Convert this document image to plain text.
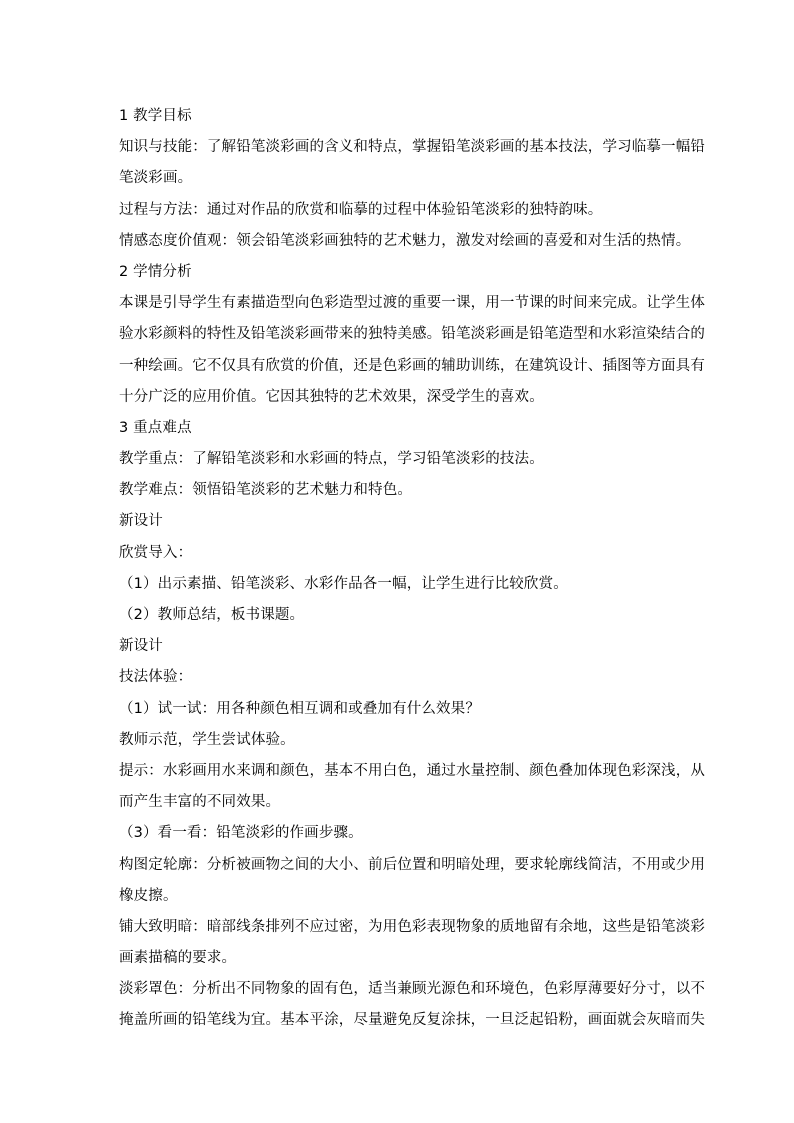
1 教学目标
知识与技能：了解铅笔淡彩画的含义和特点，掌握铅笔淡彩画的基本技法，学习临摹一幅铅
笔淡彩画。
过程与方法：通过对作品的欣赏和临摹的过程中体验铅笔淡彩的独特韵味。
情感态度价值观：领会铅笔淡彩画独特的艺术魅力，激发对绘画的喜爱和对生活的热情。
2 学情分析
本课是引导学生有素描造型向色彩造型过渡的重要一课，用一节课的时间来完成。让学生体
验水彩颜料的特性及铅笔淡彩画带来的独特美感。铅笔淡彩画是铅笔造型和水彩渲染结合的
一种绘画。它不仅具有欣赏的价值，还是色彩画的辅助训练，在建筑设计、插图等方面具有
十分广泛的应用价值。它因其独特的艺术效果，深受学生的喜欢。
3 重点难点
教学重点：了解铅笔淡彩和水彩画的特点，学习铅笔淡彩的技法。
教学难点：领悟铅笔淡彩的艺术魅力和特色。
新设计
欣赏导入：
（1）出示素描、铅笔淡彩、水彩作品各一幅，让学生进行比较欣赏。
（2）教师总结，板书课题。
新设计
技法体验：
（1）试一试：用各种颜色相互调和或叠加有什么效果？
教师示范，学生尝试体验。
提示：水彩画用水来调和颜色，基本不用白色，通过水量控制、颜色叠加体现色彩深浅，从
而产生丰富的不同效果。
（3）看一看：铅笔淡彩的作画步骤。
构图定轮廓：分析被画物之间的大小、前后位置和明暗处理，要求轮廓线简洁，不用或少用
橡皮擦。
铺大致明暗：暗部线条排列不应过密，为用色彩表现物象的质地留有余地，这些是铅笔淡彩
画素描稿的要求。
淡彩罩色：分析出不同物象的固有色，适当兼顾光源色和环境色，色彩厚薄要好分寸，以不
掩盖所画的铅笔线为宜。基本平涂，尽量避免反复涂抹，一旦泛起铅粉，画面就会灰暗而失
